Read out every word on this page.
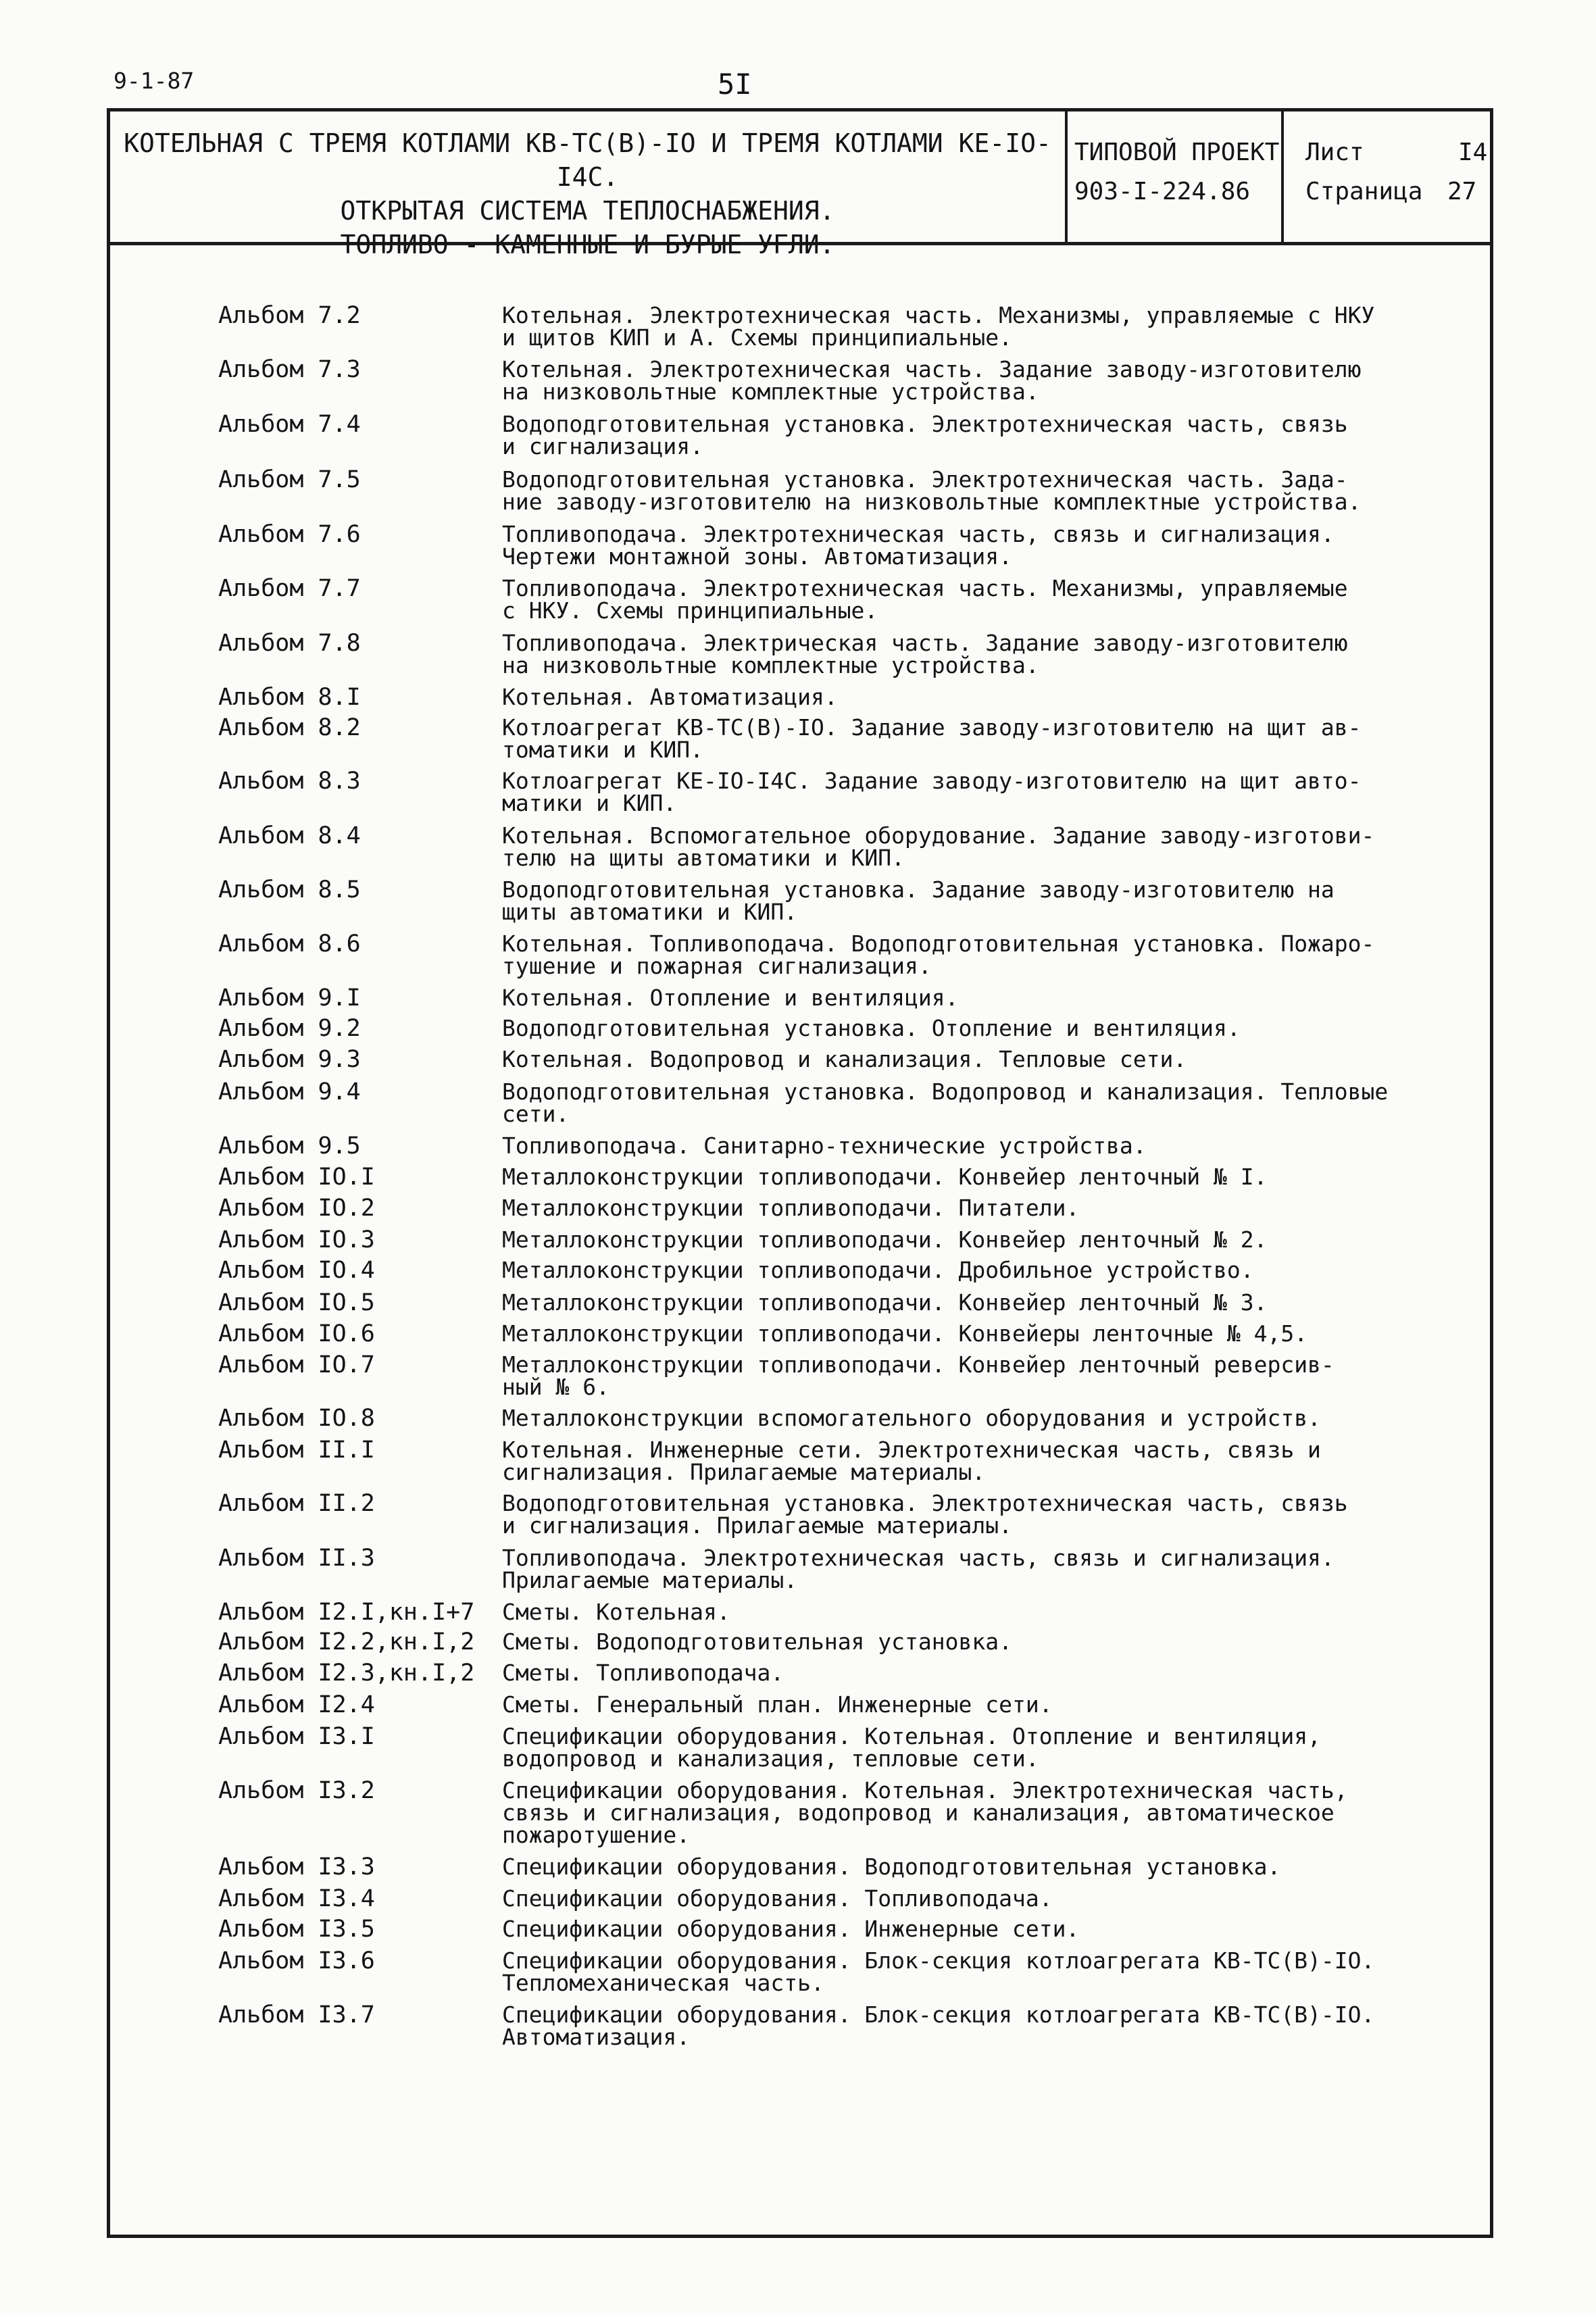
9-1-87	5I
КОТЕЛЬНАЯ С ТРЕМЯ КОТЛАМИ КВ-ТС(В)-IO И ТРЕМЯ КОТЛАМИ КЕ-IO-I4С.
ОТКРЫТАЯ СИСТЕМА ТЕПЛОСНАБЖЕНИЯ.
ТОПЛИВО - КАМЕННЫЕ И БУРЫЕ УГЛИ.
ТИПОВОЙ ПРОЕКТ
903-I-224.86
Лист	I4
Страница 27
Альбом 7.2	Котельная. Электротехническая часть. Механизмы, управляемые с НКУ
и щитов КИП и А. Схемы принципиальные.
Альбом 7.3	Котельная. Электротехническая часть. Задание заводу-изготовителю
на низковольтные комплектные устройства.
Альбом 7.4	Водоподготовительная установка. Электротехническая часть, связь
и сигнализация.
Альбом 7.5	Водоподготовительная установка. Электротехническая часть. Зада-
ние заводу-изготовителю на низковольтные комплектные устройства.
Альбом 7.6	Топливоподача. Электротехническая часть, связь и сигнализация.
Чертежи монтажной зоны. Автоматизация.
Альбом 7.7	Топливоподача. Электротехническая часть. Механизмы, управляемые
с НКУ. Схемы принципиальные.
Альбом 7.8	Топливоподача. Электрическая часть. Задание заводу-изготовителю
на низковольтные комплектные устройства.
Альбом 8.I	Котельная. Автоматизация.
Альбом 8.2	Котлоагрегат КВ-ТС(В)-IO. Задание заводу-изготовителю на щит ав-
томатики и КИП.
Альбом 8.3	Котлоагрегат КЕ-IO-I4С. Задание заводу-изготовителю на щит авто-
матики и КИП.
Альбом 8.4	Котельная. Вспомогательное оборудование. Задание заводу-изготови-
телю на щиты автоматики и КИП.
Альбом 8.5	Водоподготовительная установка. Задание заводу-изготовителю на
щиты автоматики и КИП.
Альбом 8.6	Котельная. Топливоподача. Водоподготовительная установка. Пожаро-
тушение и пожарная сигнализация.
Альбом 9.I	Котельная. Отопление и вентиляция.
Альбом 9.2	Водоподготовительная установка. Отопление и вентиляция.
Альбом 9.3	Котельная. Водопровод и канализация. Тепловые сети.
Альбом 9.4	Водоподготовительная установка. Водопровод и канализация. Тепловые
сети.
Альбом 9.5	Топливоподача. Санитарно-технические устройства.
Альбом IO.I	Металлоконструкции топливоподачи. Конвейер ленточный № I.
Альбом IO.2	Металлоконструкции топливоподачи. Питатели.
Альбом IO.3	Металлоконструкции топливоподачи. Конвейер ленточный № 2.
Альбом IO.4	Металлоконструкции топливоподачи. Дробильное устройство.
Альбом IO.5	Металлоконструкции топливоподачи. Конвейер ленточный № 3.
Альбом IO.6	Металлоконструкции топливоподачи. Конвейеры ленточные № 4,5.
Альбом IO.7	Металлоконструкции топливоподачи. Конвейер ленточный реверсив-
ный № 6.
Альбом IO.8	Металлоконструкции вспомогательного оборудования и устройств.
Альбом II.I	Котельная. Инженерные сети. Электротехническая часть, связь и
сигнализация. Прилагаемые материалы.
Альбом II.2	Водоподготовительная установка. Электротехническая часть, связь
и сигнализация. Прилагаемые материалы.
Альбом II.3	Топливоподача. Электротехническая часть, связь и сигнализация.
Прилагаемые материалы.
Альбом I2.I,кн.I+7 Сметы. Котельная.
Альбом I2.2,кн.I,2 Сметы. Водоподготовительная установка.
Альбом I2.3,кн.I,2 Сметы. Топливоподача.
Альбом I2.4	Сметы. Генеральный план. Инженерные сети.
Альбом I3.I	Спецификации оборудования. Котельная. Отопление и вентиляция,
водопровод и канализация, тепловые сети.
Альбом I3.2	Спецификации оборудования. Котельная. Электротехническая часть,
связь и сигнализация, водопровод и канализация, автоматическое
пожаротушение.
Альбом I3.3	Спецификации оборудования. Водоподготовительная установка.
Альбом I3.4	Спецификации оборудования. Топливоподача.
Альбом I3.5	Спецификации оборудования. Инженерные сети.
Альбом I3.6	Спецификации оборудования. Блок-секция котлоагрегата КВ-ТС(В)-IO.
Тепломеханическая часть.
Альбом I3.7	Спецификации оборудования. Блок-секция котлоагрегата КВ-ТС(В)-IO.
Автоматизация.
